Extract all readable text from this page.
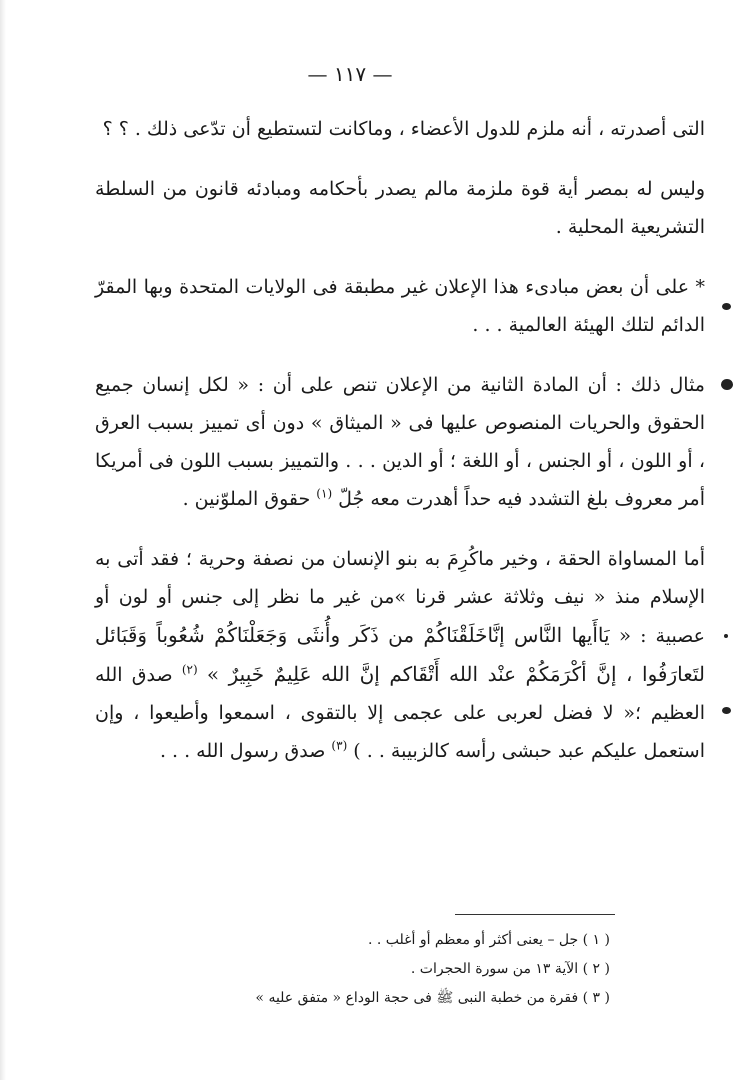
— ١١٧ —

التى أصدرته ، أنه ملزم للدول الأعضاء ، وماكانت لتستطيع أن تدّعى ذلك . ؟ ؟

وليس له بمصر أية قوة ملزمة مالم يصدر بأحكامه ومبادئه قانون من السلطة التشريعية المحلية .

* على أن بعض مبادىء هذا الإعلان غير مطبقة فى الولايات المتحدة وبها المقرّ الدائم لتلك الهيئة العالمية . . .

مثال ذلك : أن المادة الثانية من الإعلان تنص على أن : « لكل إنسان جميع الحقوق والحريات المنصوص عليها فى « الميثاق » دون أى تمييز بسبب العرق ، أو اللون ، أو الجنس ، أو اللغة ؛ أو الدين . . . والتمييز بسبب اللون فى أمريكا أمر معروف بلغ التشدد فيه حداً أهدرت معه جُلّ $^{(١)}$ حقوق الملوّنين .

أما المساواة الحقة ، وخير ماكُرِمَ به بنو الإنسان من نصفة وحرية ؛ فقد أتى به الإسلام منذ « نيف وثلاثة عشر قرنا »من غير ما نظر إلى جنس أو لون أو عصبية : « يَاأَيها النَّاس إنَّاخَلَقْنَاكُمْ من ذَكَر وأُنثَى وَجَعَلْنَاكُمْ شُعُوباً وَقَبَائل لتَعارَفُوا ، إنَّ أكْرَمَكُمْ عنْد الله أَتْقَاكم إنَّ الله عَلِيمٌ خَبِيرٌ » $^{(٢)}$ صدق الله العظيم ؛« لا فضل لعربى على عجمى إلا بالتقوى ، اسمعوا وأطيعوا ، وإن استعمل عليكم عبد حبشى رأسه كالزبيبة . . ) $^{(٣)}$ صدق رسول الله . . .

( ١ ) جل – يعنى أكثر أو معظم أو أغلب . .
( ٢ ) الآية ١٣ من سورة الحجرات .
( ٣ ) فقرة من خطبة النبى ﷺ فى حجة الوداع « متفق عليه »
